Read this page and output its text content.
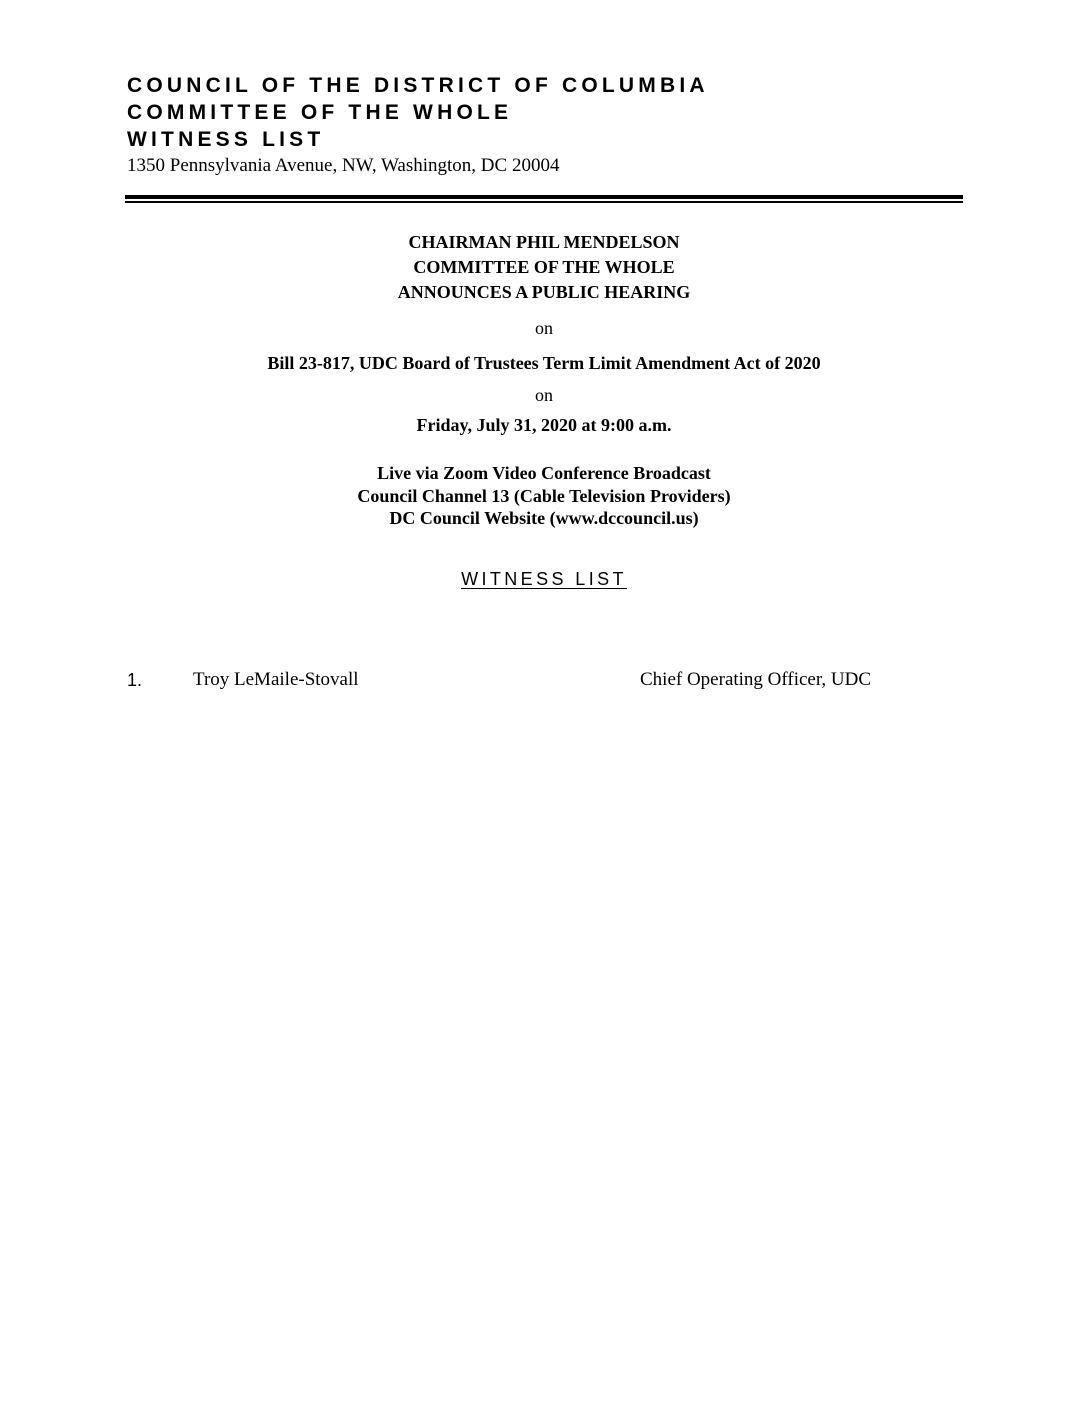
COUNCIL OF THE DISTRICT OF COLUMBIA
COMMITTEE OF THE WHOLE
WITNESS LIST
1350 Pennsylvania Avenue, NW, Washington, DC 20004
CHAIRMAN PHIL MENDELSON
COMMITTEE OF THE WHOLE
ANNOUNCES A PUBLIC HEARING
on
Bill 23-817, UDC Board of Trustees Term Limit Amendment Act of 2020
on
Friday, July 31, 2020 at 9:00 a.m.
Live via Zoom Video Conference Broadcast
Council Channel 13 (Cable Television Providers)
DC Council Website (www.dccouncil.us)
WITNESS LIST
1.	Troy LeMaile-Stovall	Chief Operating Officer, UDC
